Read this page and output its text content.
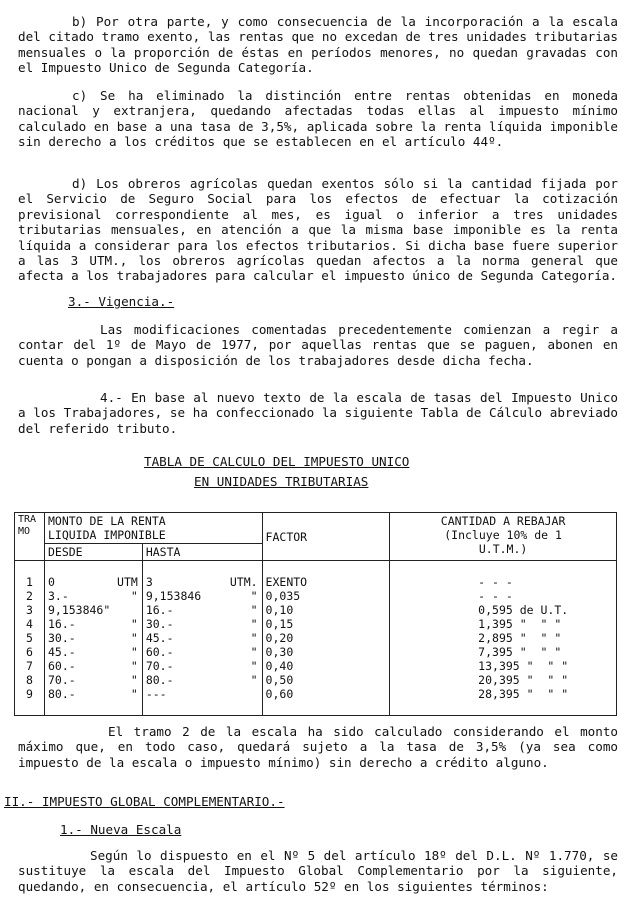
b) Por otra parte, y como consecuencia de la incorporación a la escala del citado tramo exento, las rentas que no excedan de tres unidades tributarias mensuales o la proporción de éstas en períodos menores, no quedan gravadas con el Impuesto Unico de Segunda Categoría.

c) Se ha eliminado la distinción entre rentas obtenidas en moneda nacional y extranjera, quedando afectadas todas ellas al impuesto mínimo calculado en base a una tasa de 3,5%, aplicada sobre la renta líquida imponible sin derecho a los créditos que se establecen en el artículo 44º.

d) Los obreros agrícolas quedan exentos sólo si la cantidad fijada por el Servicio de Seguro Social para los efectos de efectuar la cotización previsional correspondiente al mes, es igual o inferior a tres unidades tributarias mensuales, en atención a que la misma base imponible es la renta líquida a considerar para los efectos tributarios. Si dicha base fuere superior a las 3 UTM., los obreros agrícolas quedan afectos a la norma general que afecta a los trabajadores para calcular el impuesto único de Segunda Categoría.

3.- Vigencia.-

Las modificaciones comentadas precedentemente comienzan a regir a contar del 1º de Mayo de 1977, por aquellas rentas que se paguen, abonen en cuenta o pongan a disposición de los trabajadores desde dicha fecha.

4.- En base al nuevo texto de la escala de tasas del Impuesto Unico a los Trabajadores, se ha confeccionado la siguiente Tabla de Cálculo abreviado del referido tributo.

TABLA DE CALCULO DEL IMPUESTO UNICO

EN UNIDADES TRIBUTARIAS

TRA MO	MONTO DE LA RENTA
LIQUIDA IMPONIBLE		FACTOR	CANTIDAD A REBAJAR
(Incluye 10% de 1
U.T.M.)

	DESDE	HASTA		

1	0 UTM	3 UTM.	EXENTO	- - -
2	3.- "	9,153846 "	0,035	- - -
3	9,153846"	16.- "	0,10	0,595 de U.T.
4	16.- "	30.- "	0,15	1,395 "  " "
5	30.- "	45.- "	0,20	2,895 "  " "
6	45.- "	60.- "	0,30	7,395 "  " "
7	60.- "	70.- "	0,40	13,395 "  " "
8	70.- "	80.- "	0,50	20,395 "  " "
9	80.- "	---	0,60	28,395 "  " "

El tramo 2 de la escala ha sido calculado considerando el monto máximo que, en todo caso, quedará sujeto a la tasa de 3,5% (ya sea como impuesto de la escala o impuesto mínimo) sin derecho a crédito alguno.

II.- IMPUESTO GLOBAL COMPLEMENTARIO.-

1.- Nueva Escala

Según lo dispuesto en el Nº 5 del artículo 18º del D.L. Nº 1.770, se sustituye la escala del Impuesto Global Complementario por la siguiente, quedando, en consecuencia, el artículo 52º en los siguientes términos:
